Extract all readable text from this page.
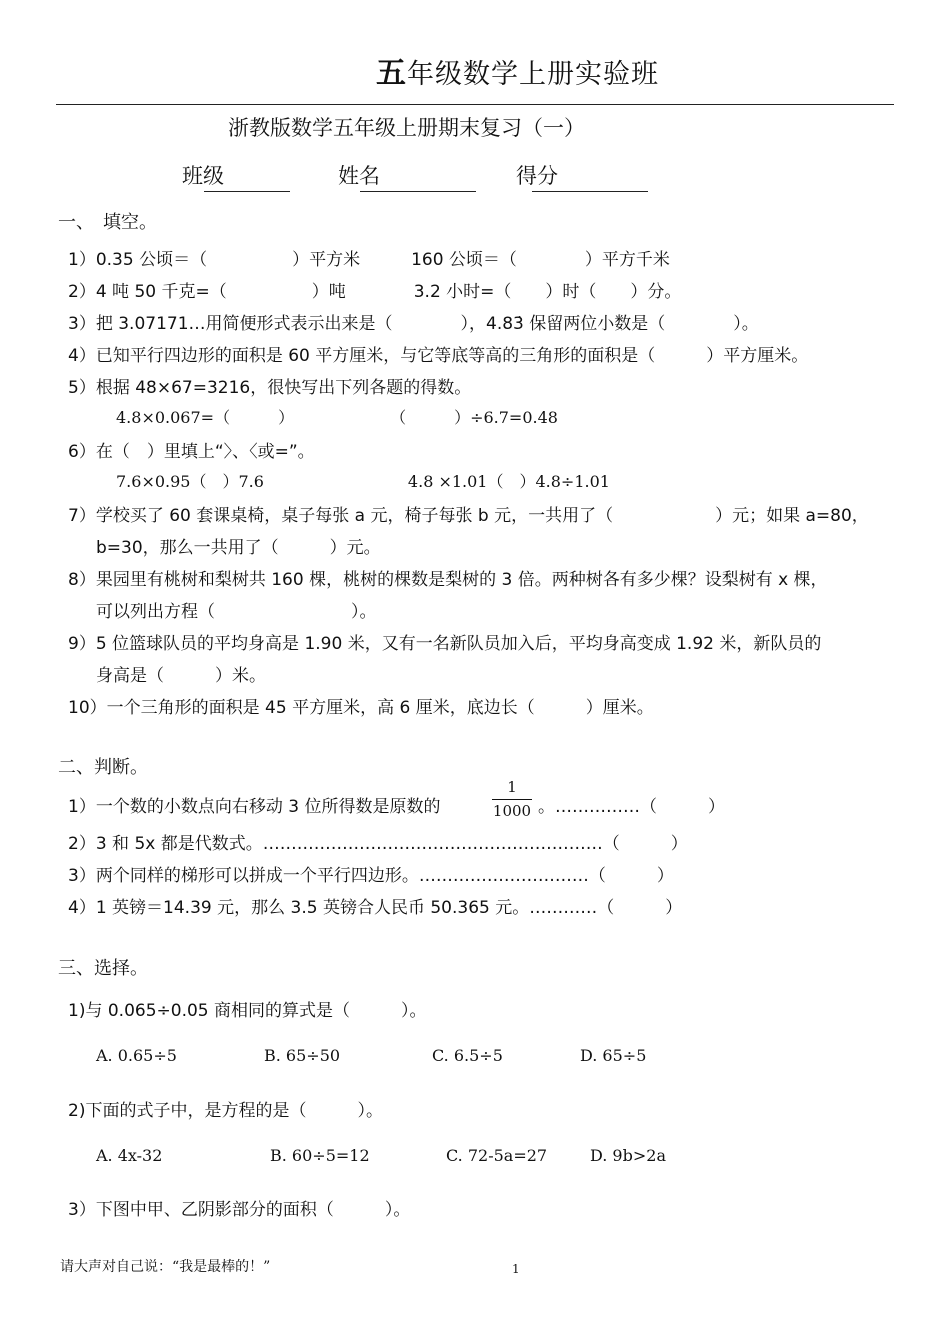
五年级数学上册实验班
浙教版数学五年级上册期末复习（一）
班级	姓名	得分
一、　填空。
1）0.35 公顷＝（　　　　　）平方米　　　160 公顷＝（　　　　）平方千米
2）4 吨 50 千克=（　　　　　）吨　　　　3.2 小时=（　　）时（　　）分。
3）把 3.07171…用简便形式表示出来是（　　　　），4.83̇ 保留两位小数是（　　　　）。
4）已知平行四边形的面积是 60 平方厘米，与它等底等高的三角形的面积是（　　　）平方厘米。
5）根据 48×67=3216，很快写出下列各题的得数。
4.8×0.067=（　　　）　　　　　　　（　　　）÷6.7=0.48
6）在（　）里填上“〉、〈或=”。
7.6×0.95（　）7.6　　　　　　　　　4.8 ×1.01（　）4.8÷1.01
7）学校买了 60 套课桌椅，桌子每张 a 元，椅子每张 b 元，一共用了（　　　　　　）元；如果 a=80，
b=30，那么一共用了（　　　）元。
8）果园里有桃树和梨树共 160 棵，桃树的棵数是梨树的 3 倍。两种树各有多少棵？设梨树有 x 棵，
可以列出方程（　　　　　　　　）。
9）5 位篮球队员的平均身高是 1.90 米，又有一名新队员加入后，平均身高变成 1.92 米，新队员的
身高是（　　　）米。
10）一个三角形的面积是 45 平方厘米，高 6 厘米，底边长（　　　）厘米。
二、判断。
1）一个数的小数点向右移动 3 位所得数是原数的
1
1000 。……………（　　　）
2）3 和 5x 都是代数式。……………………………………………………（　　　）
3）两个同样的梯形可以拼成一个平行四边形。…………………………（　　　）
4）1 英镑＝14.39 元，那么 3.5 英镑合人民币 50.365 元。…………（　　　）
三、选择。
1)与 0.065÷0.05 商相同的算式是（　　　）。
A. 0.65÷5	B. 65÷50	C. 6.5÷5	D. 65÷5
2)下面的式子中，是方程的是（　　　）。
A. 4x-32	B. 60÷5=12	C. 72-5a=27	D. 9b>2a
3）下图中甲、乙阴影部分的面积（　　　）。
请大声对自己说：“我是最棒的！”	1
